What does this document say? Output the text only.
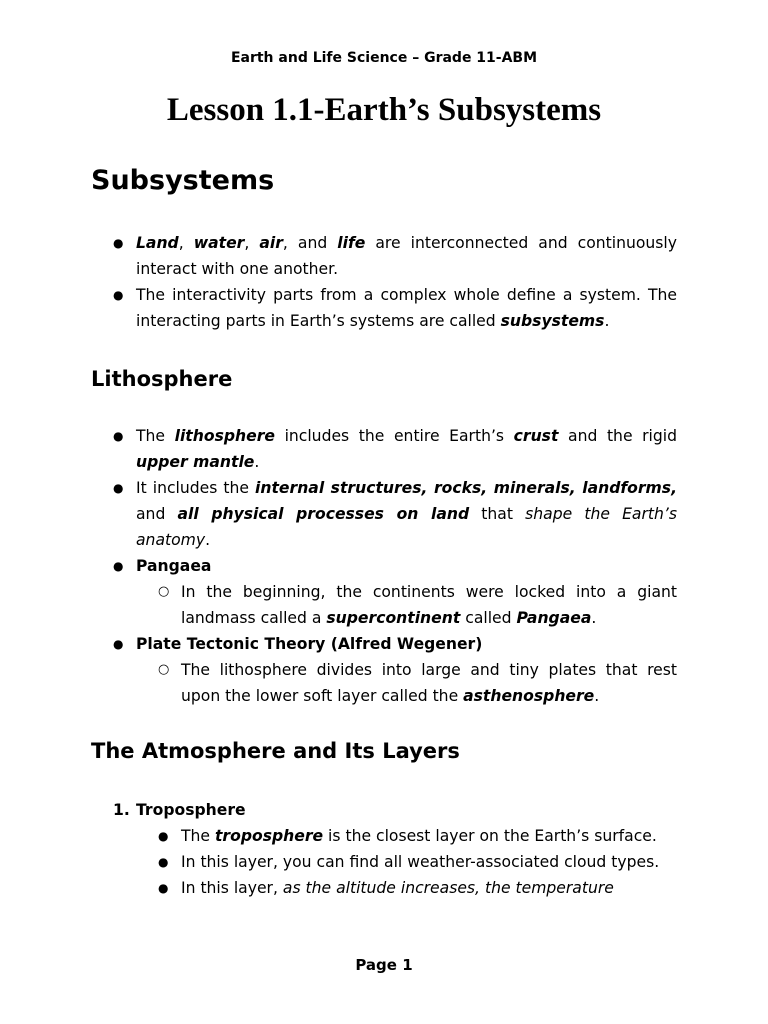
Earth and Life Science – Grade 11-ABM
Lesson 1.1-Earth’s Subsystems
Subsystems
● Land, water, air, and life are interconnected and continuously interact with one another.
● The interactivity parts from a complex whole define a system. The interacting parts in Earth’s systems are called subsystems.
Lithosphere
● The lithosphere includes the entire Earth’s crust and the rigid upper mantle.
● It includes the internal structures, rocks, minerals, landforms, and all physical processes on land that shape the Earth’s anatomy.
● Pangaea
○ In the beginning, the continents were locked into a giant landmass called a supercontinent called Pangaea.
● Plate Tectonic Theory (Alfred Wegener)
○ The lithosphere divides into large and tiny plates that rest upon the lower soft layer called the asthenosphere.
The Atmosphere and Its Layers
1. Troposphere
● The troposphere is the closest layer on the Earth’s surface.
● In this layer, you can find all weather-associated cloud types.
● In this layer, as the altitude increases, the temperature
Page 1
